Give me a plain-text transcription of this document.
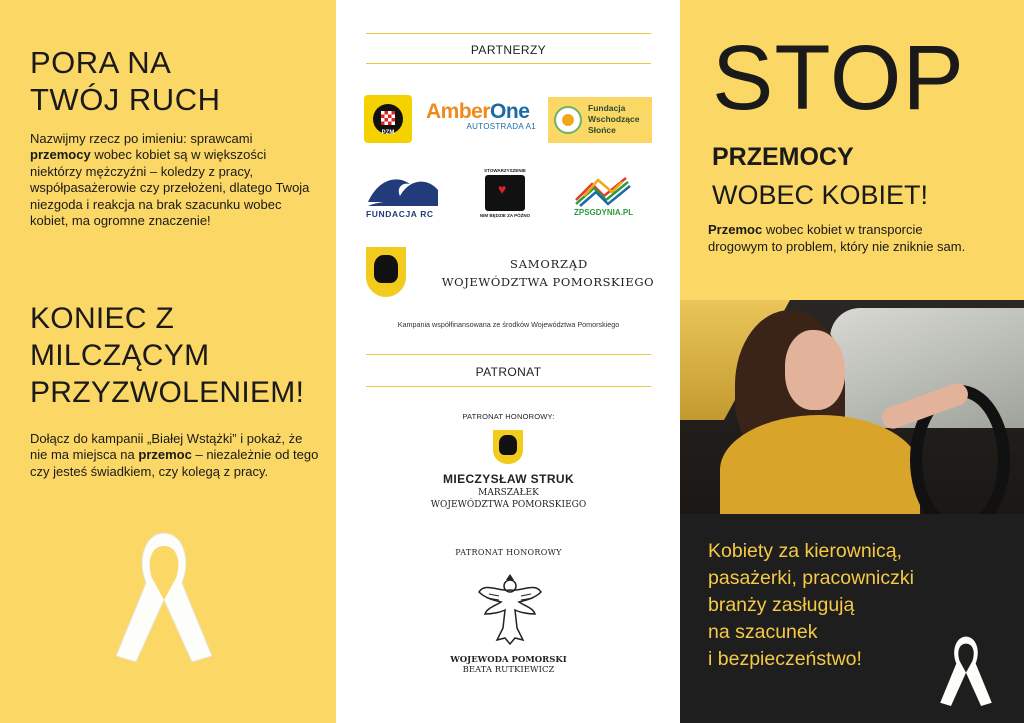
PORA NA
TWÓJ RUCH

Nazwijmy rzecz po imieniu: sprawcami
przemocy wobec kobiet są w większości niektórzy mężczyźni – koledzy z pracy, współpasażerowie czy przełożeni, dlatego Twoja niezgoda i reakcja na brak szacunku wobec kobiet, ma ogromne znaczenie!

KONIEC Z
MILCZĄCYM
PRZYZWOLENIEM!

Dołącz do kampanii „Białej Wstążki” i pokaż, że nie ma miejsca na przemoc – niezależnie od tego czy jesteś świadkiem, czy kolegą z pracy.

PARTNERZY
PZM
AmberOne
AUTOSTRADA A1
Fundacja
Wschodzące
Słońce
FUNDACJA RC
STOWARZYSZENIE
♥
NIM BĘDZIE ZA PÓŹNO	ZPSGDYNIA.PL
SAMORZĄD
WOJEWÓDZTWA POMORSKIEGO
Kampania współfinansowana ze środków Województwa Pomorskiego
PATRONAT
PATRONAT HONOROWY:
MIECZYSŁAW STRUK
MARSZAŁEK
WOJEWÓDZTWA POMORSKIEGO
PATRONAT HONOROWY
WOJEWODA POMORSKI
BEATA RUTKIEWICZ
STOP
PRZEMOCY
WOBEC KOBIET!

Przemoc wobec kobiet w transporcie drogowym to problem, który nie zniknie sam.

Kobiety za kierownicą,
pasażerki, pracowniczki
branży zasługują
na szacunek
i bezpieczeństwo!
